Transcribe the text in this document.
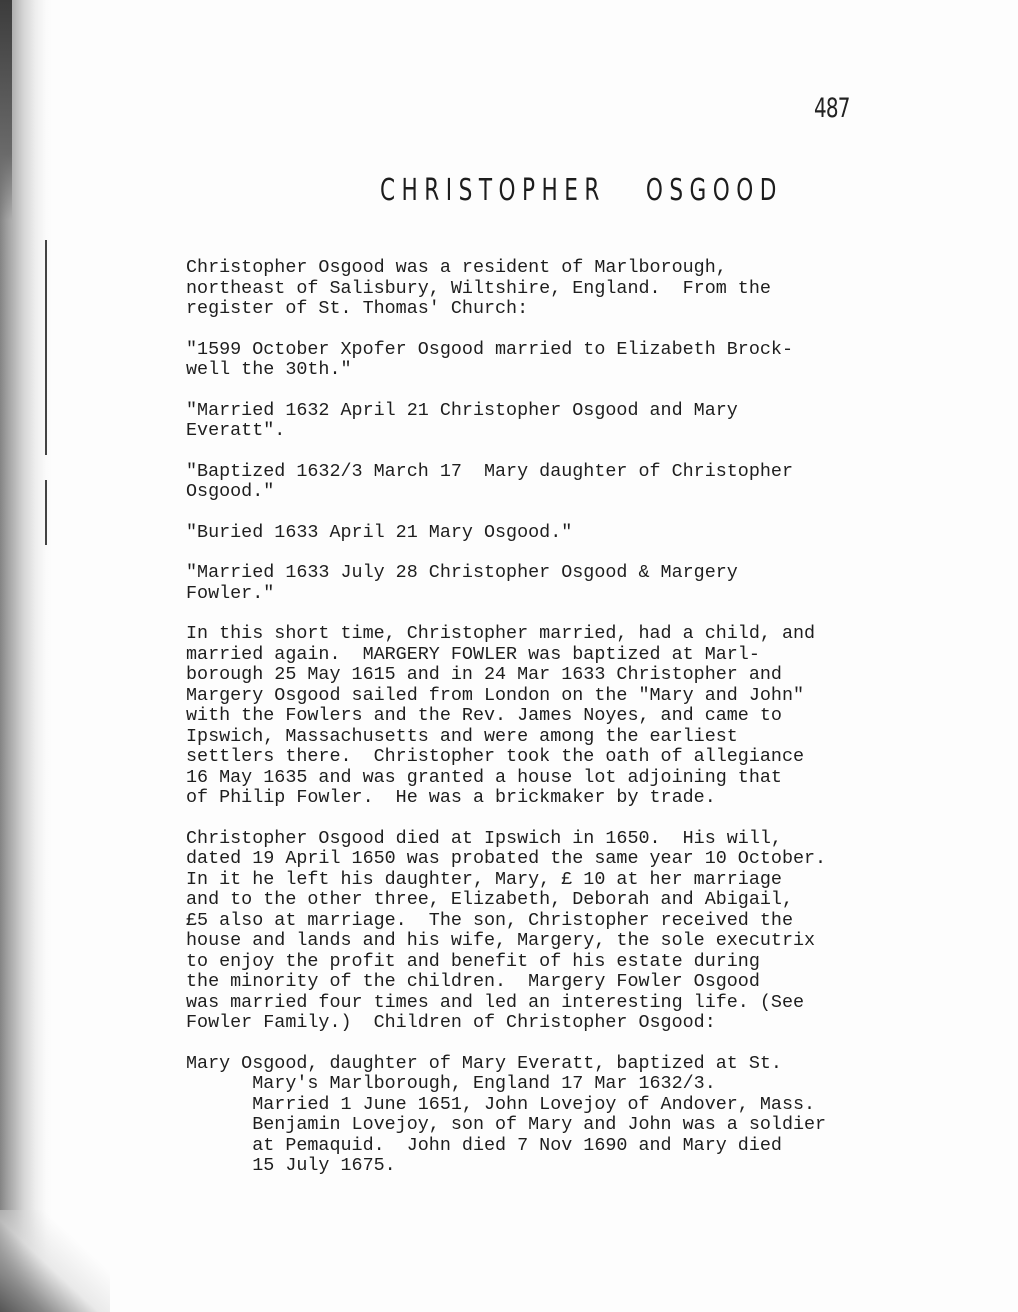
487
CHRISTOPHER   OSGOOD

Christopher Osgood was a resident of Marlborough,
northeast of Salisbury, Wiltshire, England.  From the
register of St. Thomas' Church:

"1599 October Xpofer Osgood married to Elizabeth Brock-
well the 30th."

"Married 1632 April 21 Christopher Osgood and Mary
Everatt".

"Baptized 1632/3 March 17  Mary daughter of Christopher
Osgood."

"Buried 1633 April 21 Mary Osgood."

"Married 1633 July 28 Christopher Osgood & Margery
Fowler."

In this short time, Christopher married, had a child, and
married again.  MARGERY FOWLER was baptized at Marl-
borough 25 May 1615 and in 24 Mar 1633 Christopher and
Margery Osgood sailed from London on the "Mary and John"
with the Fowlers and the Rev. James Noyes, and came to
Ipswich, Massachusetts and were among the earliest
settlers there.  Christopher took the oath of allegiance
16 May 1635 and was granted a house lot adjoining that
of Philip Fowler.  He was a brickmaker by trade.

Christopher Osgood died at Ipswich in 1650.  His will,
dated 19 April 1650 was probated the same year 10 October.
In it he left his daughter, Mary, £ 10 at her marriage
and to the other three, Elizabeth, Deborah and Abigail,
£5 also at marriage.  The son, Christopher received the
house and lands and his wife, Margery, the sole executrix
to enjoy the profit and benefit of his estate during
the minority of the children.  Margery Fowler Osgood
was married four times and led an interesting life. (See
Fowler Family.)  Children of Christopher Osgood:

Mary Osgood, daughter of Mary Everatt, baptized at St.
Mary's Marlborough, England 17 Mar 1632/3.
Married 1 June 1651, John Lovejoy of Andover, Mass.
Benjamin Lovejoy, son of Mary and John was a soldier
at Pemaquid.  John died 7 Nov 1690 and Mary died
15 July 1675.
